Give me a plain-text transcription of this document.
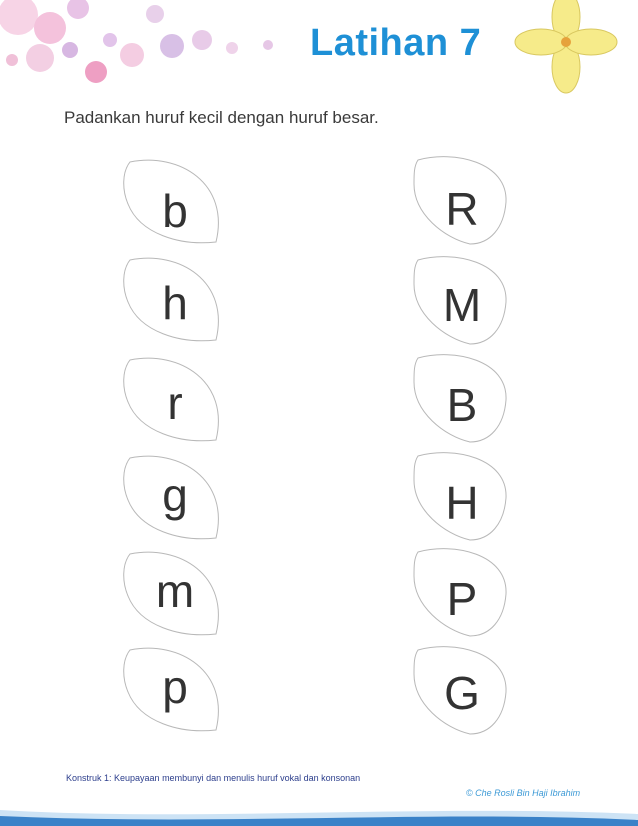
Latihan 7
Padankan huruf kecil dengan huruf besar.
b
h
r
g
m
p
R
M
B
H
P
G
Konstruk 1: Keupayaan membunyi dan menulis huruf vokal dan konsonan
© Che Rosli Bin Haji Ibrahim
